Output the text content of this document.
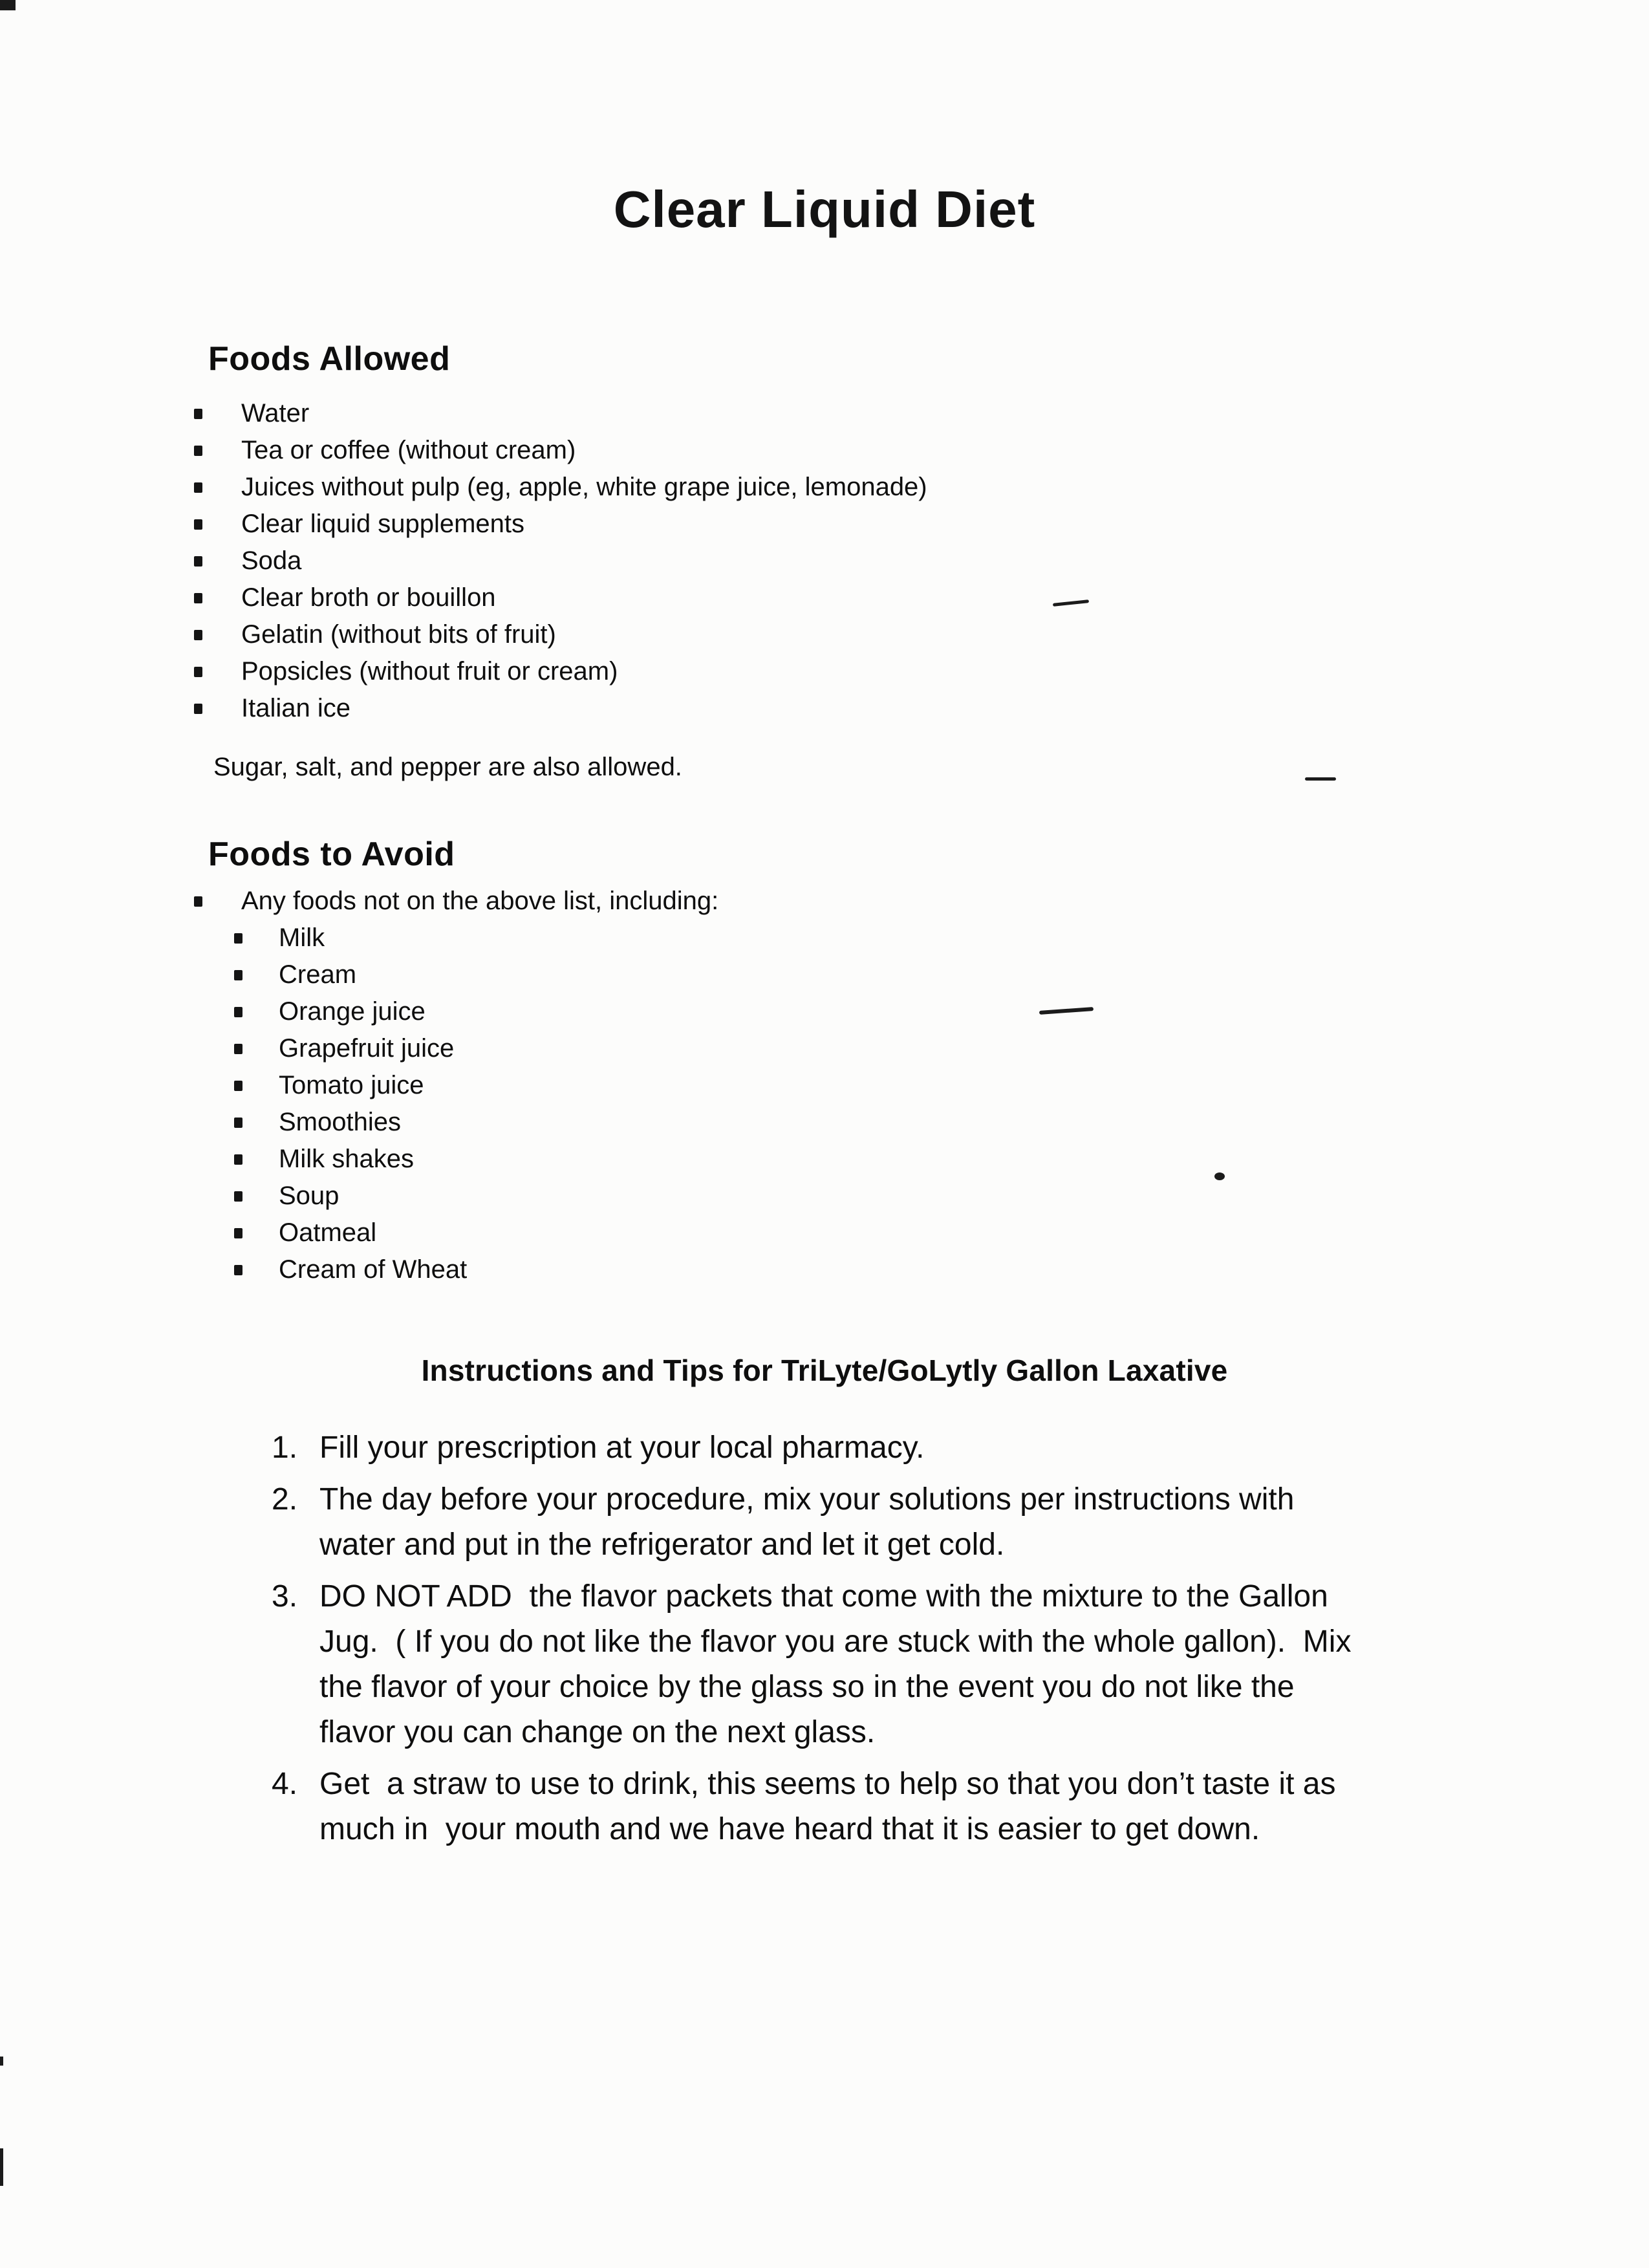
Clear Liquid Diet
Foods Allowed
Water
Tea or coffee (without cream)
Juices without pulp (eg, apple, white grape juice, lemonade)
Clear liquid supplements
Soda
Clear broth or bouillon
Gelatin (without bits of fruit)
Popsicles (without fruit or cream)
Italian ice
Sugar, salt, and pepper are also allowed.
Foods to Avoid
Any foods not on the above list, including:
Milk
Cream
Orange juice
Grapefruit juice
Tomato juice
Smoothies
Milk shakes
Soup
Oatmeal
Cream of Wheat
Instructions and Tips for TriLyte/GoLytly Gallon Laxative
1. Fill your prescription at your local pharmacy.
2. The day before your procedure, mix your solutions per instructions with
water and put in the refrigerator and let it get cold.
3. DO NOT ADD  the flavor packets that come with the mixture to the Gallon
Jug.  ( If you do not like the flavor you are stuck with the whole gallon).  Mix
the flavor of your choice by the glass so in the event you do not like the
flavor you can change on the next glass.
4. Get  a straw to use to drink, this seems to help so that you don’t taste it as
much in  your mouth and we have heard that it is easier to get down.
